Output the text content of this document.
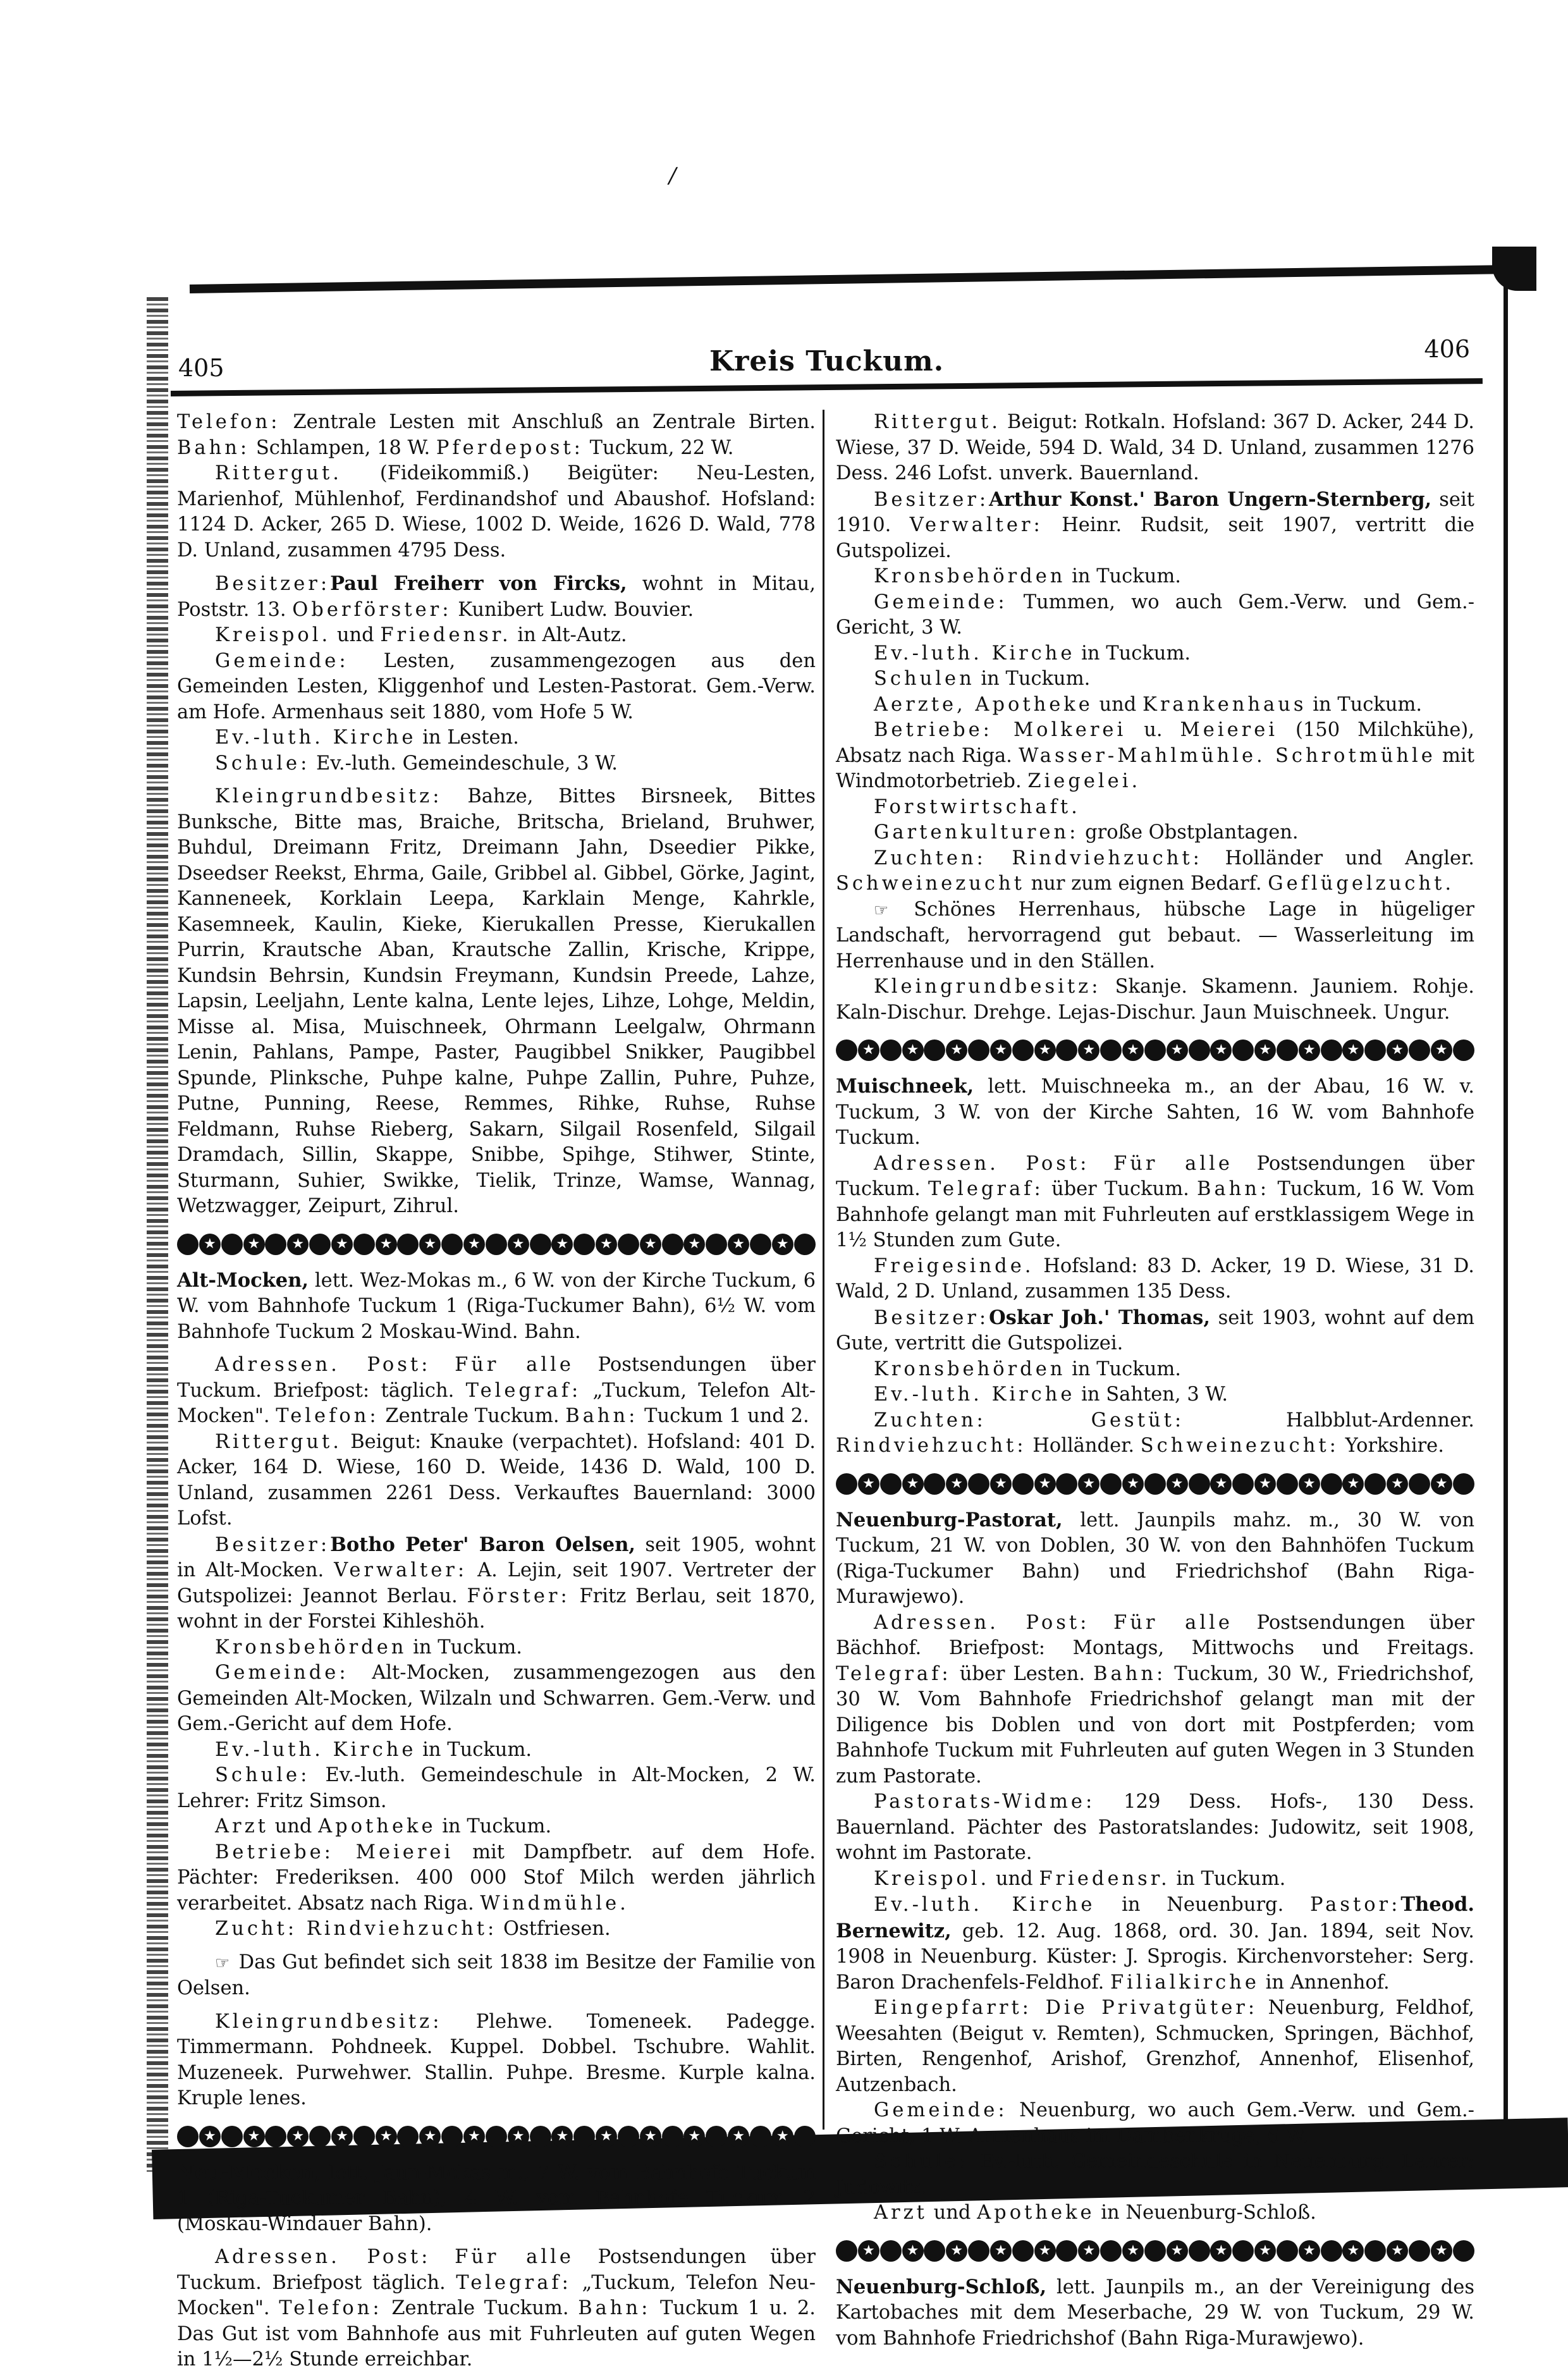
/
405	Kreis Tuckum.	406

Telefon: Zentrale Lesten mit Anschluß an Zentrale Birten. Bahn: Schlampen, 18 W. Pferdepost: Tuckum, 22 W.

Rittergut. (Fideikommiß.) Beigüter: Neu-Lesten, Marienhof, Mühlenhof, Ferdinandshof und Abaushof. Hofsland: 1124 D. Acker, 265 D. Wiese, 1002 D. Weide, 1626 D. Wald, 778 D. Unland, zusammen 4795 Dess.

Besitzer:Paul Freiherr von Fircks, wohnt in Mitau, Poststr. 13. Oberförster: Kunibert Ludw. Bouvier.

Kreispol. und Friedensr. in Alt-Autz.

Gemeinde: Lesten, zusammengezogen aus den Gemeinden Lesten, Kliggenhof und Lesten-Pastorat. Gem.-Verw. am Hofe. Armenhaus seit 1880, vom Hofe 5 W.

Ev.-luth. Kirche in Lesten.

Schule: Ev.-luth. Gemeindeschule, 3 W.

Kleingrundbesitz: Bahze, Bittes Birsneek, Bittes Bunksche, Bitte mas, Braiche, Britscha, Brieland, Bruhwer, Buhdul, Dreimann Fritz, Dreimann Jahn, Dseedier Pikke, Dseedser Reekst, Ehrma, Gaile, Gribbel al. Gibbel, Görke, Jagint, Kanneneek, Korklain Leepa, Karklain Menge, Kahrkle, Kasemneek, Kaulin, Kieke, Kierukallen Presse, Kierukallen Purrin, Krautsche Aban, Krautsche Zallin, Krische, Krippe, Kundsin Behrsin, Kundsin Freymann, Kundsin Preede, Lahze, Lapsin, Leeljahn, Lente kalna, Lente lejes, Lihze, Lohge, Meldin, Misse al. Misa, Muischneek, Ohrmann Leelgalw, Ohrmann Lenin, Pahlans, Pampe, Paster, Paugibbel Snikker, Paugibbel Spunde, Plinksche, Puhpe kalne, Puhpe Zallin, Puhre, Puhze, Putne, Punning, Reese, Remmes, Rihke, Ruhse, Ruhse Feldmann, Ruhse Rieberg, Sakarn, Silgail Rosenfeld, Silgail Dramdach, Sillin, Skappe, Snibbe, Spihge, Stihwer, Stinte, Sturmann, Suhier, Swikke, Tielik, Trinze, Wamse, Wannag, Wetzwagger, Zeipurt, Zihrul.

★	★	★	★	★	★	★	★	★	★	★	★	★	★

Alt-Mocken, lett. Wez-Mokas m., 6 W. von der Kirche Tuckum, 6 W. vom Bahnhofe Tuckum 1 (Riga-Tuckumer Bahn), 6½ W. vom Bahnhofe Tuckum 2 Moskau-Wind. Bahn.

Adressen. Post: Für alle Postsendungen über Tuckum. Briefpost: täglich. Telegraf: „Tuckum, Telefon Alt-Mocken". Telefon: Zentrale Tuckum. Bahn: Tuckum 1 und 2.

Rittergut. Beigut: Knauke (verpachtet). Hofsland: 401 D. Acker, 164 D. Wiese, 160 D. Weide, 1436 D. Wald, 100 D. Unland, zusammen 2261 Dess. Verkauftes Bauernland: 3000 Lofst.

Besitzer:Botho Peter' Baron Oelsen, seit 1905, wohnt in Alt-Mocken. Verwalter: A. Lejin, seit 1907. Vertreter der Gutspolizei: Jeannot Berlau. Förster: Fritz Berlau, seit 1870, wohnt in der Forstei Kihleshöh.

Kronsbehörden in Tuckum.

Gemeinde: Alt-Mocken, zusammengezogen aus den Gemeinden Alt-Mocken, Wilzaln und Schwarren. Gem.-Verw. und Gem.-Gericht auf dem Hofe.

Ev.-luth. Kirche in Tuckum.

Schule: Ev.-luth. Gemeindeschule in Alt-Mocken, 2 W. Lehrer: Fritz Simson.

Arzt und Apotheke in Tuckum.

Betriebe: Meierei mit Dampfbetr. auf dem Hofe. Pächter: Frederiksen. 400 000 Stof Milch werden jährlich verarbeitet. Absatz nach Riga. Windmühle.

Zucht: Rindviehzucht: Ostfriesen.

☞ Das Gut befindet sich seit 1838 im Besitze der Familie von Oelsen.

Kleingrundbesitz: Plehwe. Tomeneek. Padegge. Timmermann. Pohdneek. Kuppel. Dobbel. Tschubre. Wahlit. Muzeneek. Purwehwer. Stallin. Puhpe. Bresme. Kurple kalna. Kruple lenes.

★	★	★	★	★	★	★	★	★	★	★	★	★	★

Neu-Mocken, lett. Jaun-Mokas m., 7 W. vom Bahnhofe Tuckum 1 (Riga-Tuckumer Bahn), 4 W. vom Bahnhofe Tuckum 2 (Moskau-Windauer Bahn).

Adressen. Post: Für alle Postsendungen über Tuckum. Briefpost täglich. Telegraf: „Tuckum, Telefon Neu-Mocken". Telefon: Zentrale Tuckum. Bahn: Tuckum 1 u. 2. Das Gut ist vom Bahnhofe aus mit Fuhrleuten auf guten Wegen in 1½—2½ Stunde erreichbar.

Rittergut. Beigut: Rotkaln. Hofsland: 367 D. Acker, 244 D. Wiese, 37 D. Weide, 594 D. Wald, 34 D. Unland, zusammen 1276 Dess. 246 Lofst. unverk. Bauernland.

Besitzer:Arthur Konst.' Baron Ungern-Sternberg, seit 1910. Verwalter: Heinr. Rudsit, seit 1907, vertritt die Gutspolizei.

Kronsbehörden in Tuckum.

Gemeinde: Tummen, wo auch Gem.-Verw. und Gem.-Gericht, 3 W.

Ev.-luth. Kirche in Tuckum.

Schulen in Tuckum.

Aerzte, Apotheke und Krankenhaus in Tuckum.

Betriebe: Molkerei u. Meierei (150 Milchkühe), Absatz nach Riga. Wasser-Mahlmühle. Schrotmühle mit Windmotorbetrieb. Ziegelei.

Forstwirtschaft.

Gartenkulturen: große Obstplantagen.

Zuchten: Rindviehzucht: Holländer und Angler. Schweinezucht nur zum eignen Bedarf. Geflügelzucht.

☞ Schönes Herrenhaus, hübsche Lage in hügeliger Landschaft, hervorragend gut bebaut. — Wasserleitung im Herrenhause und in den Ställen.

Kleingrundbesitz: Skanje. Skamenn. Jauniem. Rohje. Kaln-Dischur. Drehge. Lejas-Dischur. Jaun Muischneek. Ungur.

★	★	★	★	★	★	★	★	★	★	★	★	★	★

Muischneek, lett. Muischneeka m., an der Abau, 16 W. v. Tuckum, 3 W. von der Kirche Sahten, 16 W. vom Bahnhofe Tuckum.

Adressen. Post: Für alle Postsendungen über Tuckum. Telegraf: über Tuckum. Bahn: Tuckum, 16 W. Vom Bahnhofe gelangt man mit Fuhrleuten auf erstklassigem Wege in 1½ Stunden zum Gute.

Freigesinde. Hofsland: 83 D. Acker, 19 D. Wiese, 31 D. Wald, 2 D. Unland, zusammen 135 Dess.

Besitzer:Oskar Joh.' Thomas, seit 1903, wohnt auf dem Gute, vertritt die Gutspolizei.

Kronsbehörden in Tuckum.

Ev.-luth. Kirche in Sahten, 3 W.

Zuchten: Gestüt: Halbblut-Ardenner. Rindviehzucht: Holländer. Schweinezucht: Yorkshire.

★	★	★	★	★	★	★	★	★	★	★	★	★	★

Neuenburg-Pastorat, lett. Jaunpils mahz. m., 30 W. von Tuckum, 21 W. von Doblen, 30 W. von den Bahnhöfen Tuckum (Riga-Tuckumer Bahn) und Friedrichshof (Bahn Riga-Murawjewo).

Adressen. Post: Für alle Postsendungen über Bächhof. Briefpost: Montags, Mittwochs und Freitags. Telegraf: über Lesten. Bahn: Tuckum, 30 W., Friedrichshof, 30 W. Vom Bahnhofe Friedrichshof gelangt man mit der Diligence bis Doblen und von dort mit Postpferden; vom Bahnhofe Tuckum mit Fuhrleuten auf guten Wegen in 3 Stunden zum Pastorate.

Pastorats-Widme: 129 Dess. Hofs-, 130 Dess. Bauernland. Pächter des Pastoratslandes: Judowitz, seit 1908, wohnt im Pastorate.

Kreispol. und Friedensr. in Tuckum.

Ev.-luth. Kirche in Neuenburg. Pastor:Theod. Bernewitz, geb. 12. Aug. 1868, ord. 30. Jan. 1894, seit Nov. 1908 in Neuenburg. Küster: J. Sprogis. Kirchenvorsteher: Serg. Baron Drachenfels-Feldhof. Filialkirche in Annenhof.

Eingepfarrt: Die Privatgüter: Neuenburg, Feldhof, Weesahten (Beigut v. Remten), Schmucken, Springen, Bächhof, Birten, Rengenhof, Arishof, Grenzhof, Annenhof, Elisenhof, Autzenbach.

Gemeinde: Neuenburg, wo auch Gem.-Verw. und Gem.-Gericht, 1 W. Armenhaus im Dambenkruge, 6 W.

Schule: Ev.-luth. Gemeindeschule in Neuenburg. Lehrer: Judowitz.

Arzt und Apotheke in Neuenburg-Schloß.

★	★	★	★	★	★	★	★	★	★	★	★	★	★

Neuenburg-Schloß, lett. Jaunpils m., an der Vereinigung des Kartobaches mit dem Meserbache, 29 W. von Tuckum, 29 W. vom Bahnhofe Friedrichshof (Bahn Riga-Murawjewo).
